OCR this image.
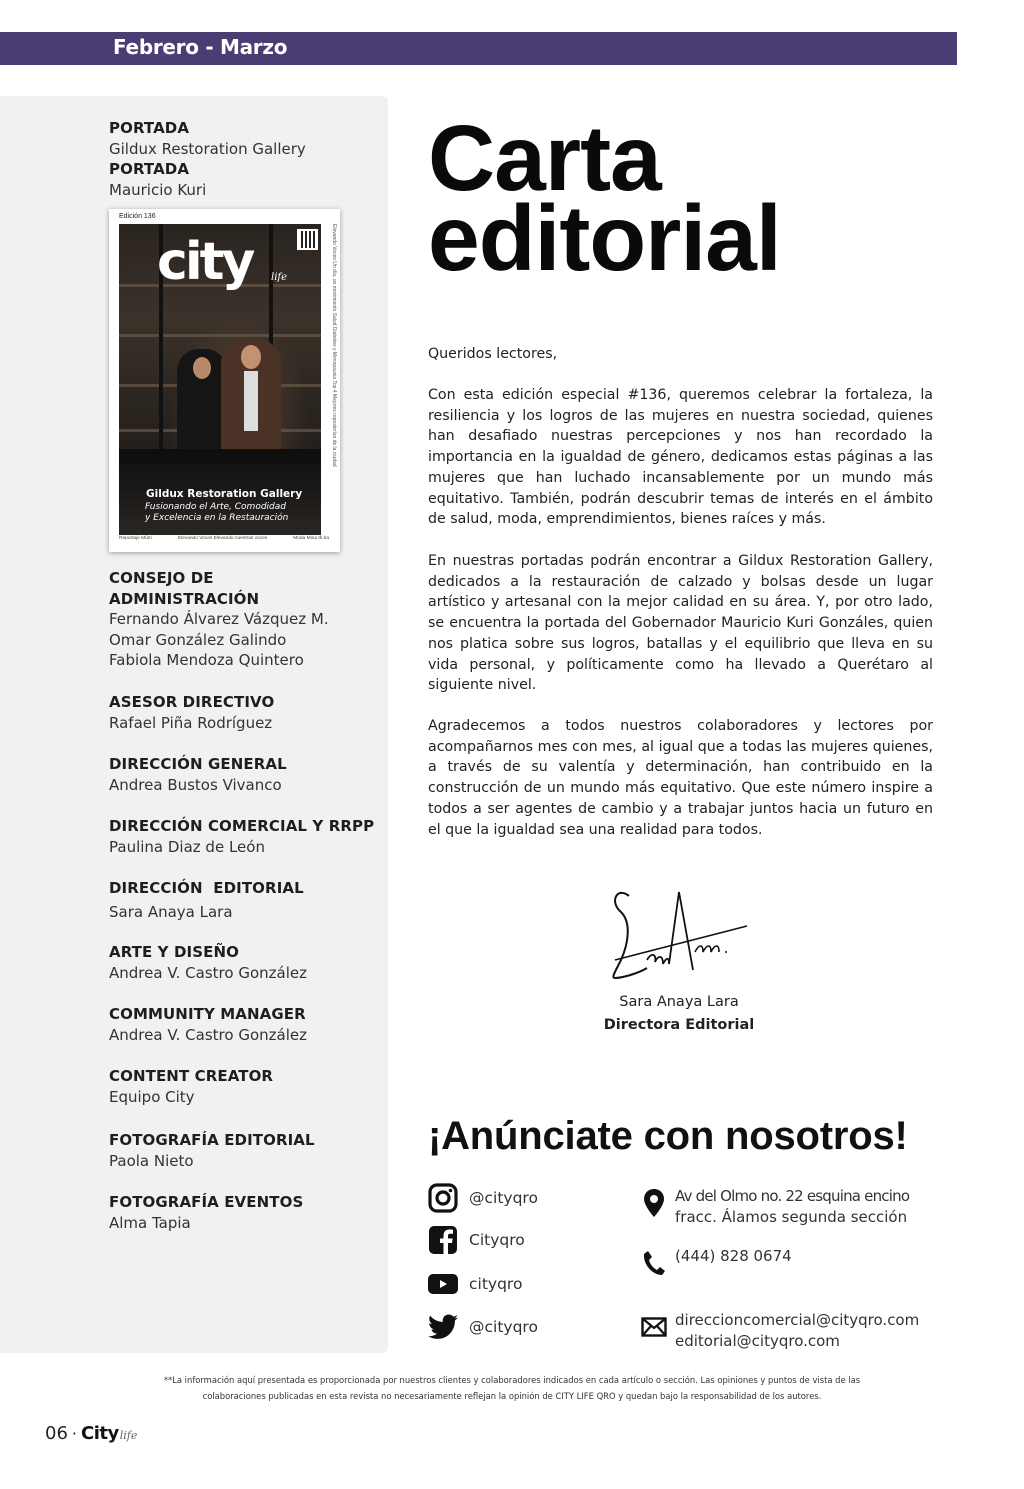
Febrero - Marzo
PORTADA
Gildux Restoration Gallery
PORTADA
Mauricio Kuri
Edición 136
city life
Gildux Restoration Gallery
Fusionando el Arte, Comodidad
y Excelencia en la Restauración
Elevando Voces Un día, un movimiento Salud Diabetes y Menopausia Top 4 Mejores reposterías de la ciudad
Reportaje Mûm	Elevando Voces Elevando nuestras voces	Moda Mina tb ba
CONSEJO DE
ADMINISTRACIÓN
Fernando Álvarez Vázquez M.
Omar González Galindo
Fabiola Mendoza Quintero
ASESOR DIRECTIVO
Rafael Piña Rodríguez
DIRECCIÓN GENERAL
Andrea Bustos Vivanco
DIRECCIÓN COMERCIAL Y RRPP
Paulina Diaz de León
DIRECCIÓN  EDITORIAL
Sara Anaya Lara
ARTE Y DISEÑO
Andrea V. Castro González
COMMUNITY MANAGER
Andrea V. Castro González
CONTENT CREATOR
Equipo City
FOTOGRAFÍA EDITORIAL
Paola Nieto
FOTOGRAFÍA EVENTOS
Alma Tapia
Carta
editorial
Queridos lectores,
Con esta edición especial #136, queremos celebrar la fortaleza, la resiliencia y los logros de las mujeres en nuestra sociedad, quienes han desafiado nuestras percepciones y nos han recordado la importancia en la igualdad de género, dedicamos estas páginas a las mujeres que han luchado incansablemente por un mundo más equitativo. También, podrán descubrir temas de interés en el ámbito de salud, moda, emprendimientos, bienes raíces y más.
En nuestras portadas podrán encontrar a Gildux Restoration Gallery, dedicados a la restauración de calzado y bolsas desde un lugar artístico y artesanal con la mejor calidad en su área. Y, por otro lado, se encuentra la portada del Gobernador Mauricio Kuri Gonzáles, quien nos platica sobre sus logros, batallas y el equilibrio que lleva en su vida personal, y políticamente como ha llevado a Querétaro al siguiente nivel.
Agradecemos a todos nuestros colaboradores y lectores por acompañarnos mes con mes, al igual que a todas las mujeres quienes, a través de su valentía y determinación, han contribuido en la construcción de un mundo más equitativo. Que este número inspire a todos a ser agentes de cambio y a trabajar juntos hacia un futuro en el que la igualdad sea una realidad para todos.
Sara Anaya Lara
Directora Editorial
¡Anúnciate con nosotros!
@cityqro
Cityqro
cityqro
@cityqro
Av del Olmo no. 22 esquina encino
fracc. Álamos segunda sección
(444) 828 0674
direccioncomercial@cityqro.com
editorial@cityqro.com
**La información aquí presentada es proporcionada por nuestros clientes y colaboradores indicados en cada artículo o sección. Las opiniones y puntos de vista de las
colaboraciones publicadas en esta revista no necesariamente reflejan la opinión de CITY LIFE QRO y quedan bajo la responsabilidad de los autores.
06 · City life
